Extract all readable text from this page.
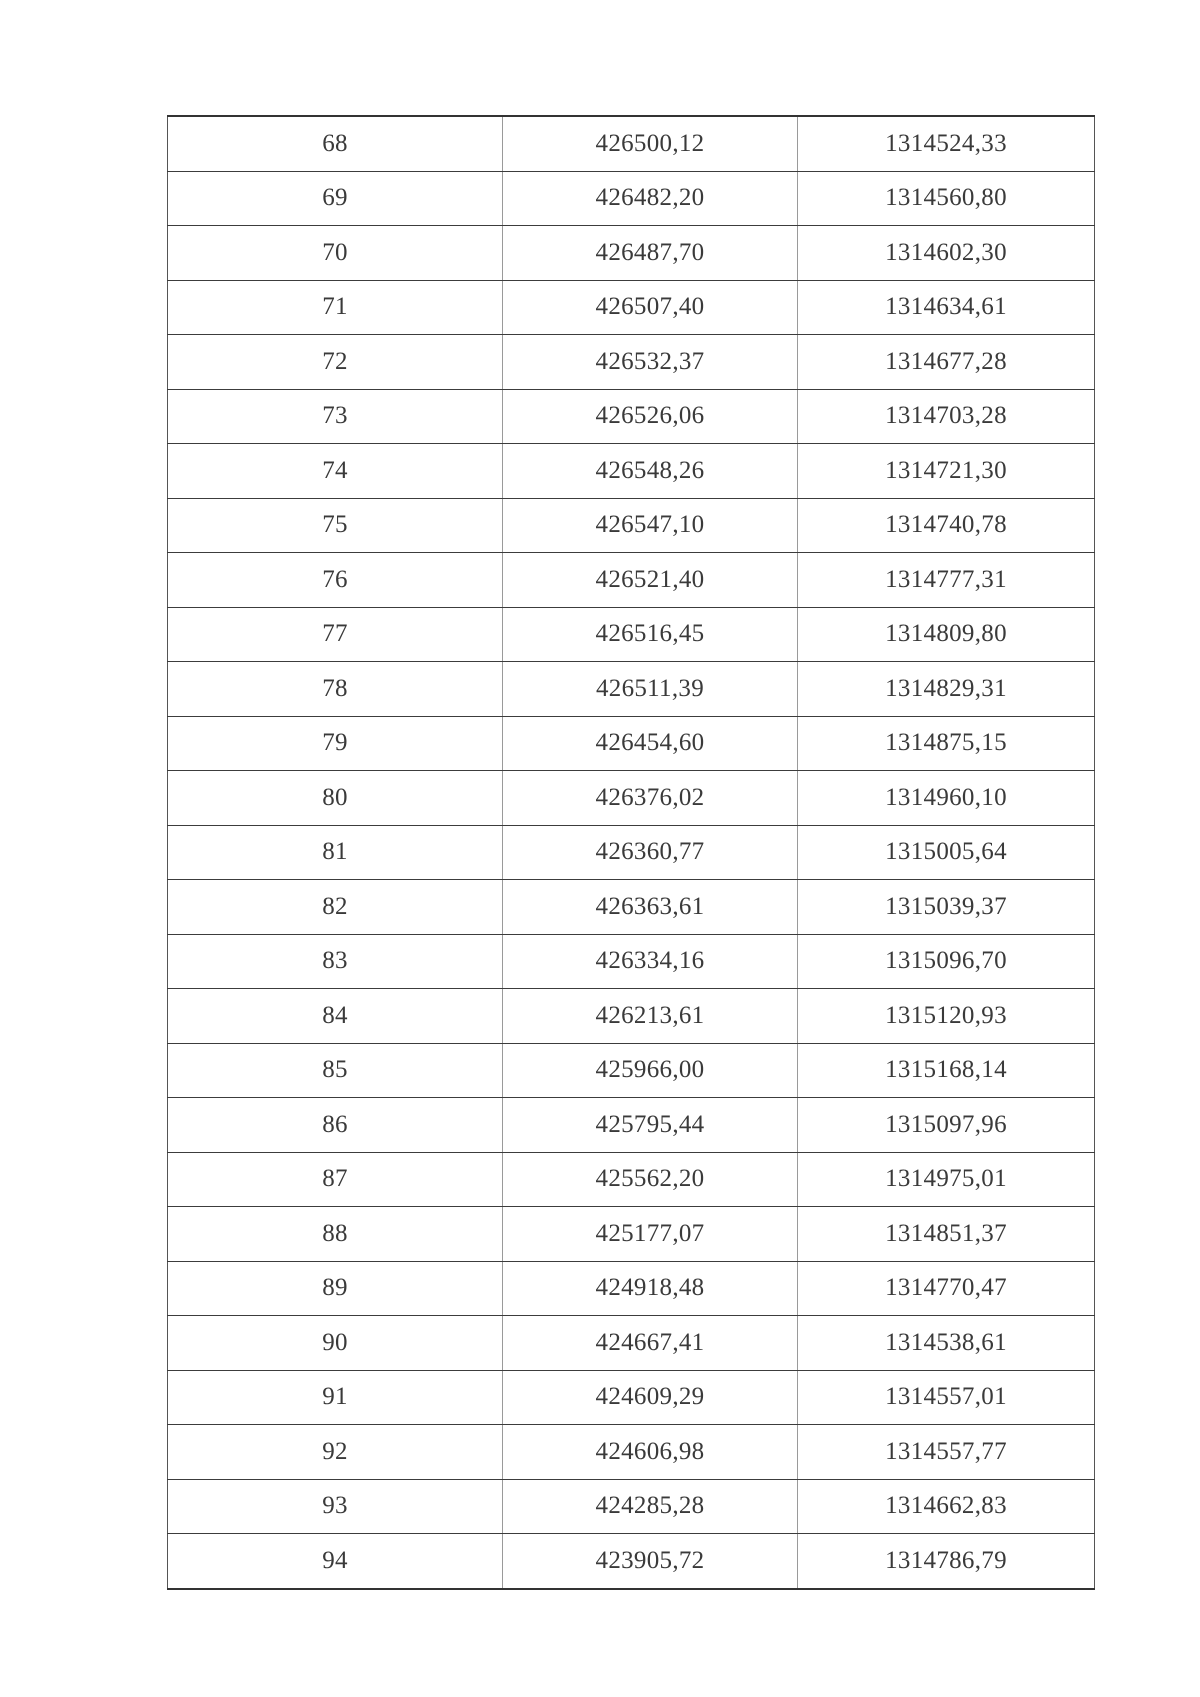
68	426500,12	1314524,33
69	426482,20	1314560,80
70	426487,70	1314602,30
71	426507,40	1314634,61
72	426532,37	1314677,28
73	426526,06	1314703,28
74	426548,26	1314721,30
75	426547,10	1314740,78
76	426521,40	1314777,31
77	426516,45	1314809,80
78	426511,39	1314829,31
79	426454,60	1314875,15
80	426376,02	1314960,10
81	426360,77	1315005,64
82	426363,61	1315039,37
83	426334,16	1315096,70
84	426213,61	1315120,93
85	425966,00	1315168,14
86	425795,44	1315097,96
87	425562,20	1314975,01
88	425177,07	1314851,37
89	424918,48	1314770,47
90	424667,41	1314538,61
91	424609,29	1314557,01
92	424606,98	1314557,77
93	424285,28	1314662,83
94	423905,72	1314786,79
